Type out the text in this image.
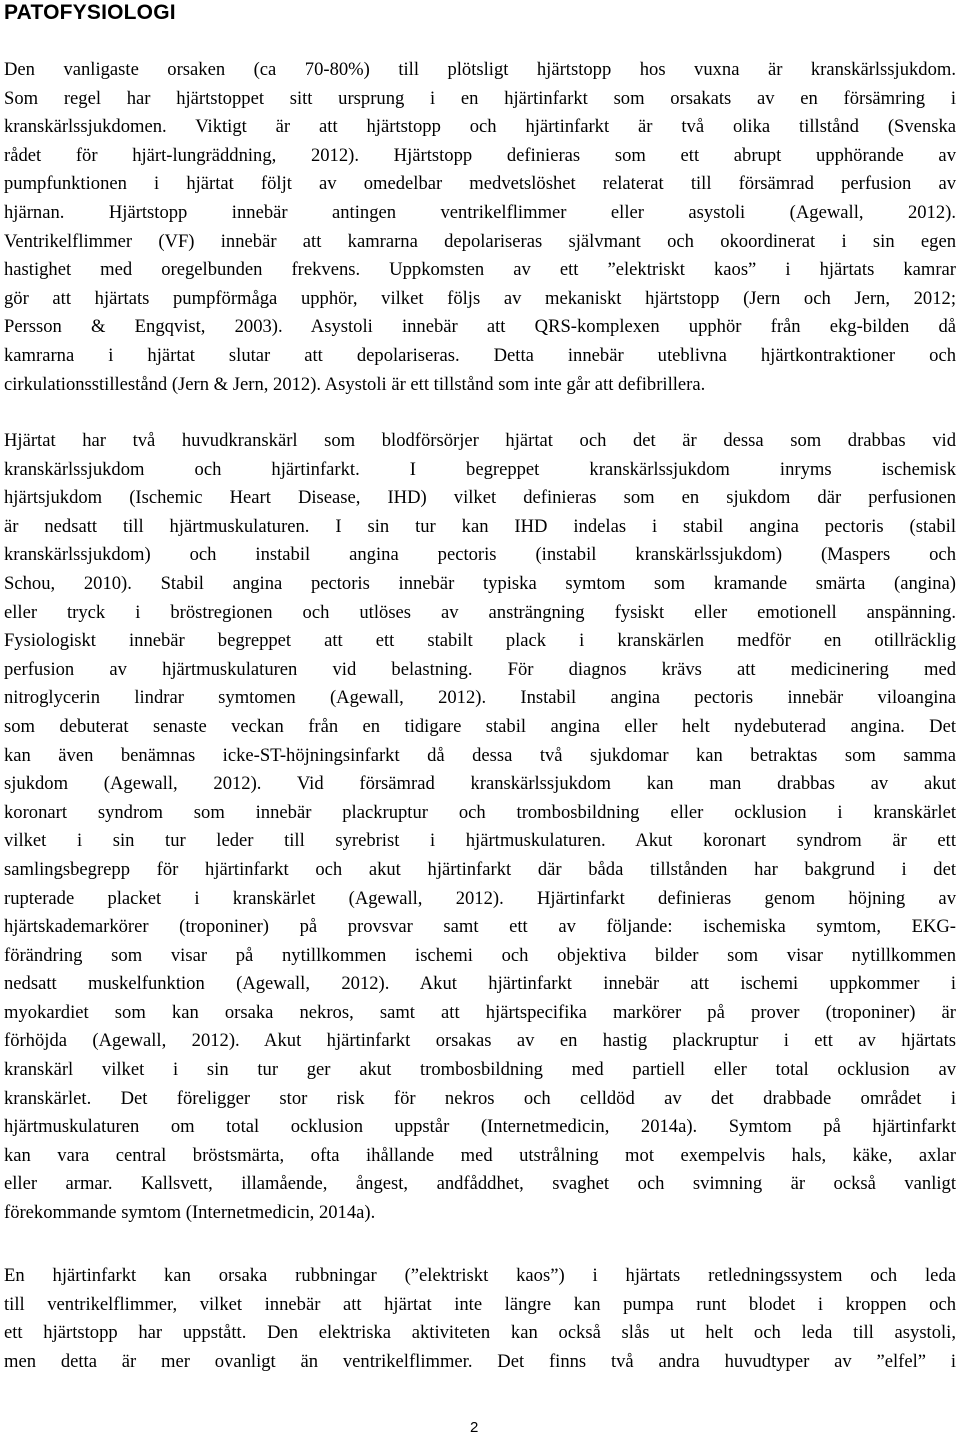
PATOFYSIOLOGI
Den vanligaste orsaken (ca 70-80%) till plötsligt hjärtstopp hos vuxna är kranskärlssjukdom.
Som regel har hjärtstoppet sitt ursprung i en hjärtinfarkt som orsakats av en försämring i
kranskärlssjukdomen. Viktigt är att hjärtstopp och hjärtinfarkt är två olika tillstånd (Svenska
rådet för hjärt-lungräddning, 2012). Hjärtstopp definieras som ett abrupt upphörande av
pumpfunktionen i hjärtat följt av omedelbar medvetslöshet relaterat till försämrad perfusion av
hjärnan. Hjärtstopp innebär antingen ventrikelflimmer eller asystoli (Agewall, 2012).
Ventrikelflimmer (VF) innebär att kamrarna depolariseras självmant och okoordinerat i sin egen
hastighet med oregelbunden frekvens. Uppkomsten av ett ”elektriskt kaos” i hjärtats kamrar
gör att hjärtats pumpförmåga upphör, vilket följs av mekaniskt hjärtstopp (Jern och Jern, 2012;
Persson & Engqvist, 2003). Asystoli innebär att QRS-komplexen upphör från ekg-bilden då
kamrarna i hjärtat slutar att depolariseras. Detta innebär uteblivna hjärtkontraktioner och
cirkulationsstillestånd (Jern & Jern, 2012). Asystoli är ett tillstånd som inte går att defibrillera.
Hjärtat har två huvudkranskärl som blodförsörjer hjärtat och det är dessa som drabbas vid
kranskärlssjukdom och hjärtinfarkt. I begreppet kranskärlssjukdom inryms ischemisk
hjärtsjukdom (Ischemic Heart Disease, IHD) vilket definieras som en sjukdom där perfusionen
är nedsatt till hjärtmuskulaturen. I sin tur kan IHD indelas i stabil angina pectoris (stabil
kranskärlssjukdom) och instabil angina pectoris (instabil kranskärlssjukdom) (Maspers och
Schou, 2010). Stabil angina pectoris innebär typiska symtom som kramande smärta (angina)
eller tryck i bröstregionen och utlöses av ansträngning fysiskt eller emotionell anspänning.
Fysiologiskt innebär begreppet att ett stabilt plack i kranskärlen medför en otillräcklig
perfusion av hjärtmuskulaturen vid belastning. För diagnos krävs att medicinering med
nitroglycerin lindrar symtomen (Agewall, 2012). Instabil angina pectoris innebär viloangina
som debuterat senaste veckan från en tidigare stabil angina eller helt nydebuterad angina. Det
kan även benämnas icke-ST-höjningsinfarkt då dessa två sjukdomar kan betraktas som samma
sjukdom (Agewall, 2012). Vid försämrad kranskärlssjukdom kan man drabbas av akut
koronart syndrom som innebär plackruptur och trombosbildning eller ocklusion i kranskärlet
vilket i sin tur leder till syrebrist i hjärtmuskulaturen. Akut koronart syndrom är ett
samlingsbegrepp för hjärtinfarkt och akut hjärtinfarkt där båda tillstånden har bakgrund i det
rupterade placket i kranskärlet (Agewall, 2012). Hjärtinfarkt definieras genom höjning av
hjärtskademarkörer (troponiner) på provsvar samt ett av följande: ischemiska symtom, EKG-
förändring som visar på nytillkommen ischemi och objektiva bilder som visar nytillkommen
nedsatt muskelfunktion (Agewall, 2012). Akut hjärtinfarkt innebär att ischemi uppkommer i
myokardiet som kan orsaka nekros, samt att hjärtspecifika markörer på prover (troponiner) är
förhöjda (Agewall, 2012). Akut hjärtinfarkt orsakas av en hastig plackruptur i ett av hjärtats
kranskärl vilket i sin tur ger akut trombosbildning med partiell eller total ocklusion av
kranskärlet. Det föreligger stor risk för nekros och celldöd av det drabbade området i
hjärtmuskulaturen om total ocklusion uppstår (Internetmedicin, 2014a). Symtom på hjärtinfarkt
kan vara central bröstsmärta, ofta ihållande med utstrålning mot exempelvis hals, käke, axlar
eller armar. Kallsvett, illamående, ångest, andfåddhet, svaghet och svimning är också vanligt
förekommande symtom (Internetmedicin, 2014a).
En hjärtinfarkt kan orsaka rubbningar (”elektriskt kaos”) i hjärtats retledningssystem och leda
till ventrikelflimmer, vilket innebär att hjärtat inte längre kan pumpa runt blodet i kroppen och
ett hjärtstopp har uppstått. Den elektriska aktiviteten kan också slås ut helt och leda till asystoli,
men detta är mer ovanligt än ventrikelflimmer. Det finns två andra huvudtyper av ”elfel” i
2
